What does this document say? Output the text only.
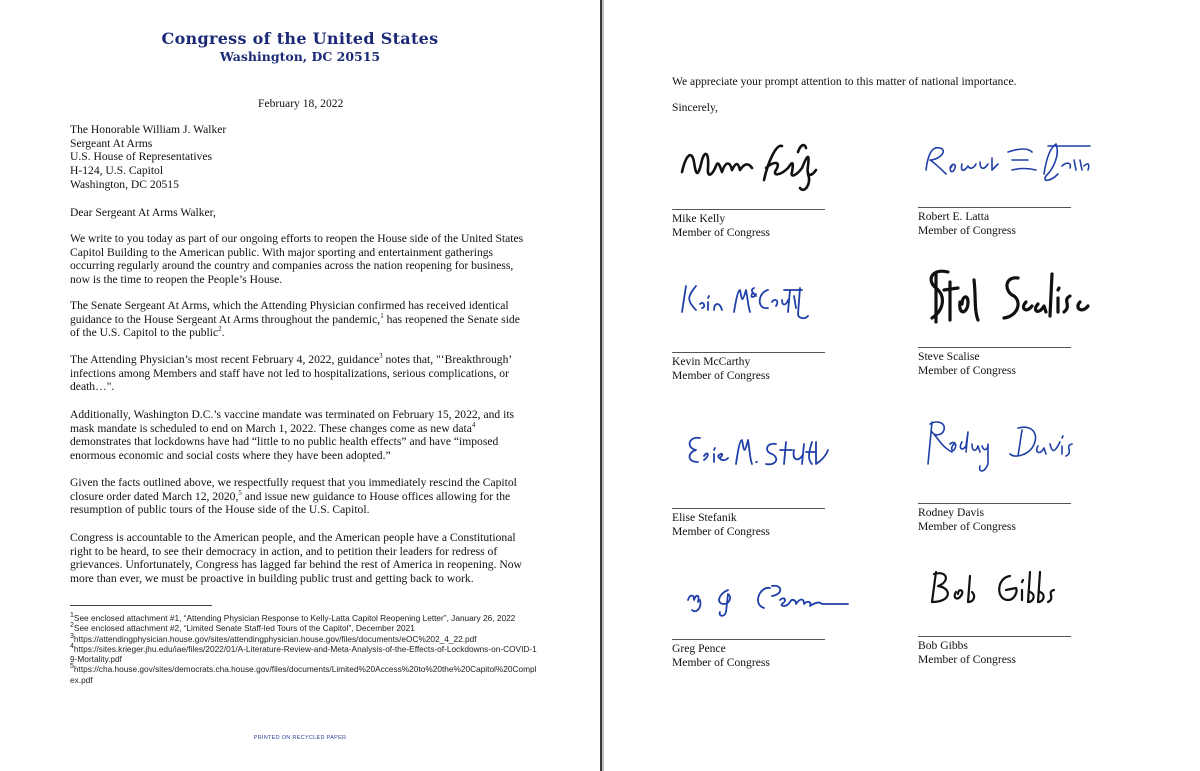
Congress of the United States
Washington, DC 20515
February 18, 2022
The Honorable William J. Walker
Sergeant At Arms
U.S. House of Representatives
H-124, U.S. Capitol
Washington, DC 20515
Dear Sergeant At Arms Walker,
We write to you today as part of our ongoing efforts to reopen the House side of the United States Capitol Building to the American public. With major sporting and entertainment gatherings occurring regularly around the country and companies across the nation reopening for business, now is the time to reopen the People’s House.
The Senate Sergeant At Arms, which the Attending Physician confirmed has received identical guidance to the House Sergeant At Arms throughout the pandemic,$^1$ has reopened the Senate side of the U.S. Capitol to the public$^2$.
The Attending Physician’s most recent February 4, 2022, guidance$^3$ notes that, "‘Breakthrough’ infections among Members and staff have not led to hospitalizations, serious complications, or death…".
Additionally, Washington D.C.’s vaccine mandate was terminated on February 15, 2022, and its mask mandate is scheduled to end on March 1, 2022. These changes come as new data$^4$ demonstrates that lockdowns have had “little to no public health effects” and have “imposed enormous economic and social costs where they have been adopted.”
Given the facts outlined above, we respectfully request that you immediately rescind the Capitol closure order dated March 12, 2020,$^5$ and issue new guidance to House offices allowing for the resumption of public tours of the House side of the U.S. Capitol.
Congress is accountable to the American people, and the American people have a Constitutional right to be heard, to see their democracy in action, and to petition their leaders for redress of grievances. Unfortunately, Congress has lagged far behind the rest of America in reopening. Now more than ever, we must be proactive in building public trust and getting back to work.
$^1$See enclosed attachment #1, “Attending Physician Response to Kelly-Latta Capitol Reopening Letter”, January 26, 2022
$^2$See enclosed attachment #2, “Limited Senate Staff-led Tours of the Capitol”, December 2021
$^3$https://attendingphysician.house.gov/sites/attendingphysician.house.gov/files/documents/eOC%202_4_22.pdf
$^4$https://sites.krieger.jhu.edu/iae/files/2022/01/A-Literature-Review-and-Meta-Analysis-of-the-Effects-of-Lockdowns-on-COVID-19-Mortality.pdf
$^5$https://cha.house.gov/sites/democrats.cha.house.gov/files/documents/Limited%20Access%20to%20the%20Capitol%20Complex.pdf
PRINTED ON RECYCLED PAPER
We appreciate your prompt attention to this matter of national importance.
Sincerely,
Mike Kelly
Member of Congress
Robert E. Latta
Member of Congress
Kevin McCarthy
Member of Congress
Steve Scalise
Member of Congress
Elise Stefanik
Member of Congress
Rodney Davis
Member of Congress
Greg Pence
Member of Congress
Bob Gibbs
Member of Congress
